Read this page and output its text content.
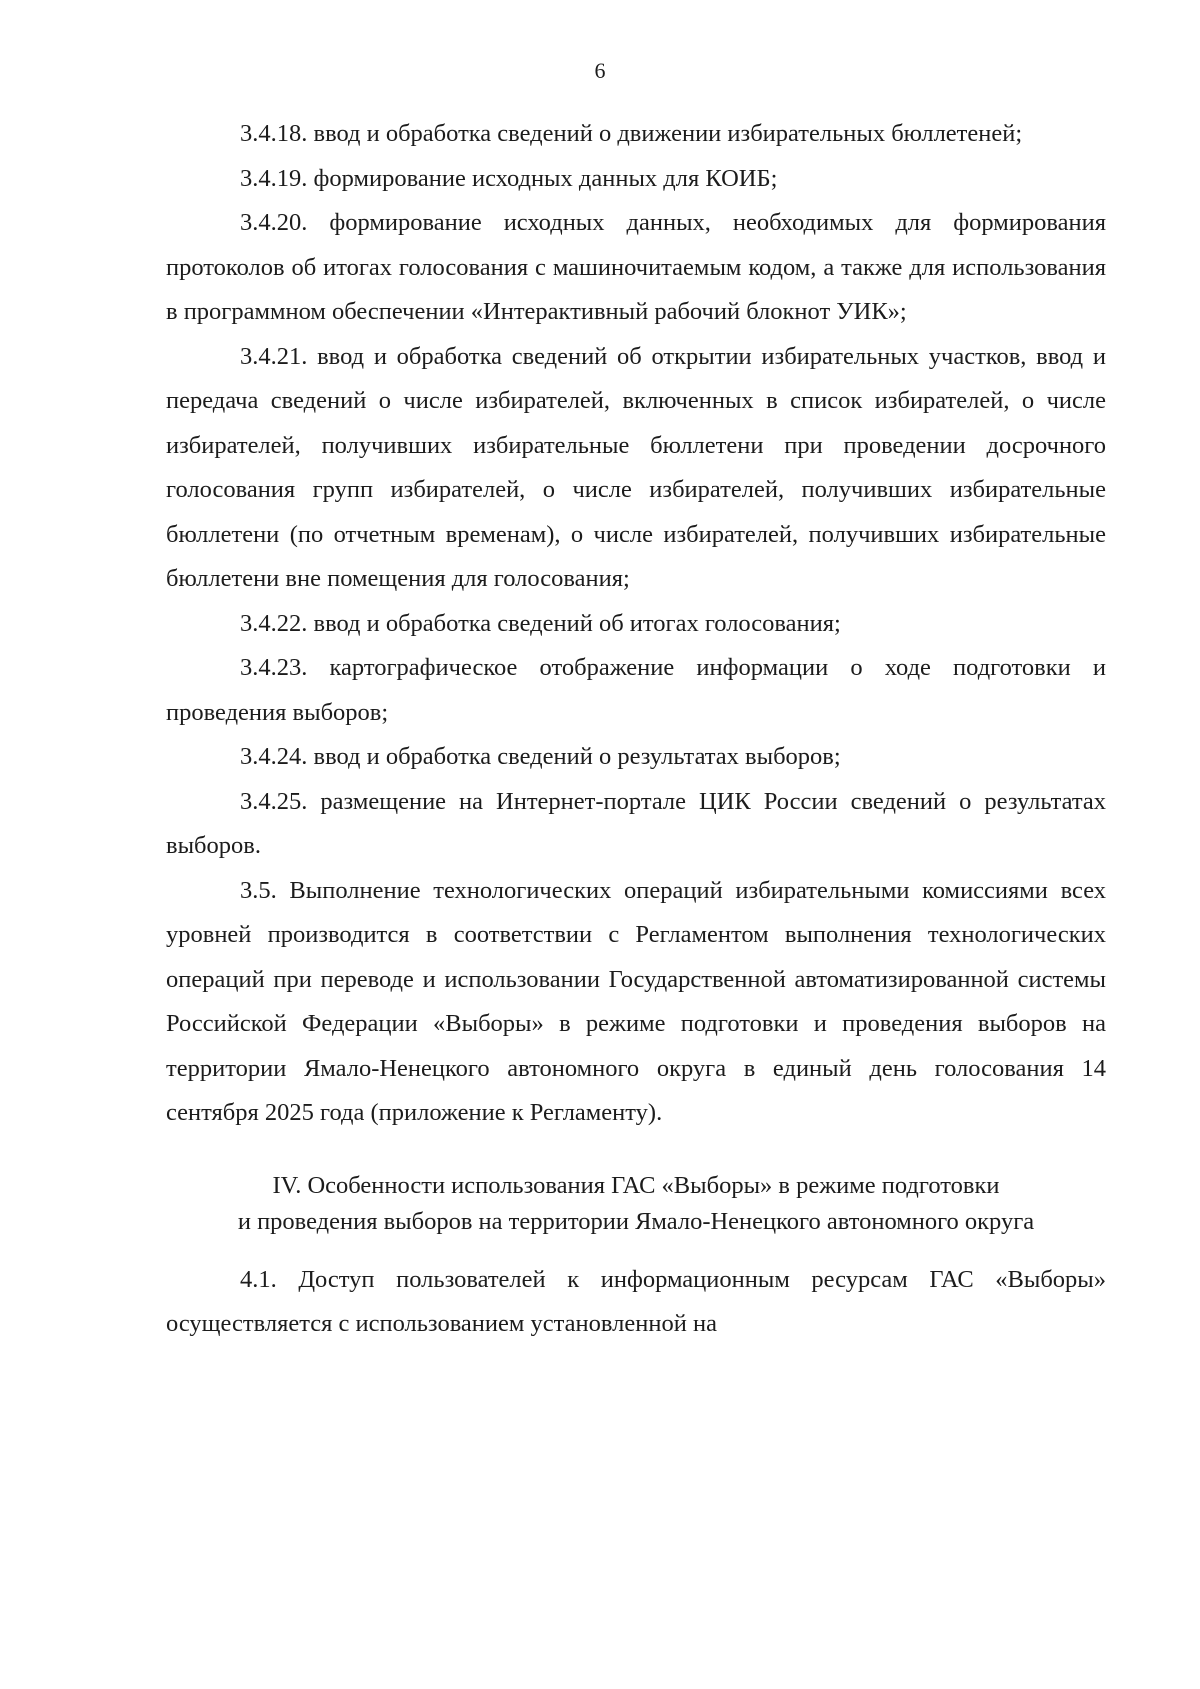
6

3.4.18. ввод и обработка сведений о движении избирательных бюллетеней;

3.4.19. формирование исходных данных для КОИБ;

3.4.20. формирование исходных данных, необходимых для формирования протоколов об итогах голосования с машиночитаемым кодом, а также для использования в программном обеспечении «Интерактивный рабочий блокнот УИК»;

3.4.21. ввод и обработка сведений об открытии избирательных участков, ввод и передача сведений о числе избирателей, включенных в список избирателей, о числе избирателей, получивших избирательные бюллетени при проведении досрочного голосования групп избирателей, о числе избирателей, получивших избирательные бюллетени (по отчетным временам), о числе избирателей, получивших избирательные бюллетени вне помещения для голосования;

3.4.22. ввод и обработка сведений об итогах голосования;

3.4.23. картографическое отображение информации о ходе подготовки и проведения выборов;

3.4.24. ввод и обработка сведений о результатах выборов;

3.4.25. размещение на Интернет-портале ЦИК России сведений о результатах выборов.

3.5. Выполнение технологических операций избирательными комиссиями всех уровней производится в соответствии с Регламентом выполнения технологических операций при переводе и использовании Государственной автоматизированной системы Российской Федерации «Выборы» в режиме подготовки и проведения выборов на территории Ямало-Ненецкого автономного округа в единый день голосования 14 сентября 2025 года (приложение к Регламенту).

IV. Особенности использования ГАС «Выборы» в режиме подготовки
и проведения выборов на территории Ямало-Ненецкого автономного округа

4.1. Доступ пользователей к информационным ресурсам ГАС «Выборы» осуществляется с использованием установленной на
